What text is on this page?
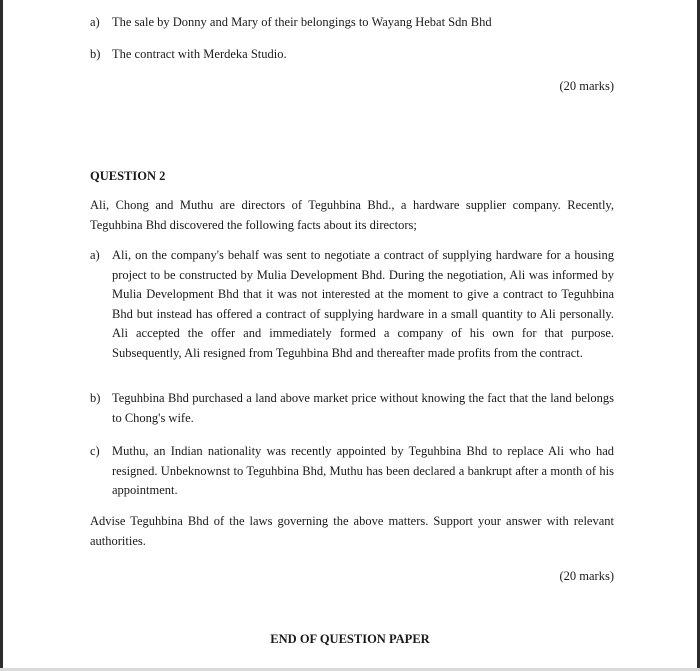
a) The sale by Donny and Mary of their belongings to Wayang Hebat Sdn Bhd
b) The contract with Merdeka Studio.
(20 marks)
QUESTION 2
Ali, Chong and Muthu are directors of Teguhbina Bhd., a hardware supplier company. Recently, Teguhbina Bhd discovered the following facts about its directors;
a) Ali, on the company's behalf was sent to negotiate a contract of supplying hardware for a housing project to be constructed by Mulia Development Bhd. During the negotiation, Ali was informed by Mulia Development Bhd that it was not interested at the moment to give a contract to Teguhbina Bhd but instead has offered a contract of supplying hardware in a small quantity to Ali personally. Ali accepted the offer and immediately formed a company of his own for that purpose. Subsequently, Ali resigned from Teguhbina Bhd and thereafter made profits from the contract.
b) Teguhbina Bhd purchased a land above market price without knowing the fact that the land belongs to Chong's wife.
c) Muthu, an Indian nationality was recently appointed by Teguhbina Bhd to replace Ali who had resigned. Unbeknownst to Teguhbina Bhd, Muthu has been declared a bankrupt after a month of his appointment.
Advise Teguhbina Bhd of the laws governing the above matters. Support your answer with relevant authorities.
(20 marks)
END OF QUESTION PAPER
